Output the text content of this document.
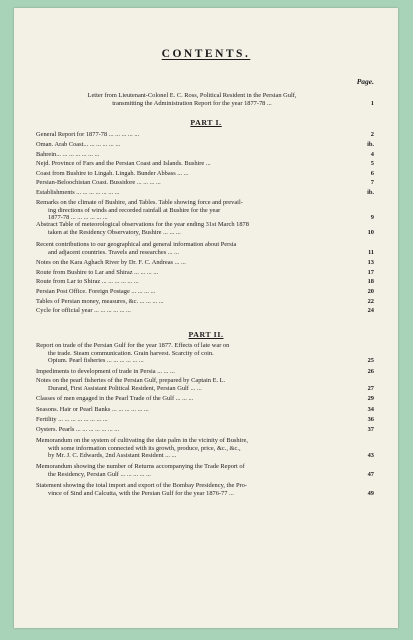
CONTENTS.
Page.
Letter from Lieutenant-Colonel E. C. Ross, Political Resident in the Persian Gulf,
transmitting the Administration Report for the year 1877-78 ...	1
PART I.
General Report for 1877-78 ... ... ... ... ...	2
Oman. Arab Coast... ... ... ... ... ...	ib.
Bahrein... ... ... ... ... ... ...	4
Nejd. Province of Fars and the Persian Coast and Islands. Bushire ...	5
Coast from Bushire to Lingah. Lingah. Bunder Abbass ... ...	6
Persian-Beloochistan Coast. Bussidore ... ... ... ...	7
Establishments ... ... ... ... ... ... ...	ib.
Remarks on the climate of Bushire, and Tables. Table showing force and prevail-
ing directions of winds and recorded rainfall at Bushire for the year
1877-78 ... ... ... ... ... ...	9
Abstract Table of meteorological observations for the year ending 31st March 1878
taken at the Residency Observatory, Bushire ... ... ...	10
Recent contributions to our geographical and general information about Persia
and adjacent countries. Travels and researches ... ...	11
Notes on the Kara Aghach River by Dr. F. C. Andreas ... ...	13
Route from Bushire to Lar and Shiraz ... ... ... ...	17
Route from Lar to Shiraz ... ... ... ... ... ...	18
Persian Post Office. Foreign Postage ... ... ... ...	20
Tables of Persian money, measures, &c. ... ... ... ...	22
Cycle for official year ... ... ... ... ... ...	24
PART II.
Report on trade of the Persian Gulf for the year 1877. Effects of late war on
the trade. Steam communication. Grain harvest. Scarcity of coin.
Opium. Pearl fisheries ... ... ... ... ... ...	25
Impediments to development of trade in Persia ... ... ...	26
Notes on the pearl fisheries of the Persian Gulf, prepared by Captain E. L.
Durand, First Assistant Political Resident, Persian Gulf ... ...	27
Classes of men engaged in the Pearl Trade of the Gulf ... ... ...	29
Seasons. Hair or Pearl Banks ... ... ... ... ... ...	34
Fertility ... ... ... ... ... ... ... ...	36
Oysters. Pearls ... ... ... ... ... ... ...	37
Memorandum on the system of cultivating the date palm in the vicinity of Bushire,
with some information connected with its growth, produce, price, &c., &c.,
by Mr. J. C. Edwards, 2nd Assistant Resident ... ...	43
Memorandum showing the number of Returns accompanying the Trade Report of
the Residency, Persian Gulf ... ... ... ... ...	47
Statement showing the total import and export of the Bombay Presidency, the Pro-
vince of Sind and Calcutta, with the Persian Gulf for the year 1876-77 ...	49
